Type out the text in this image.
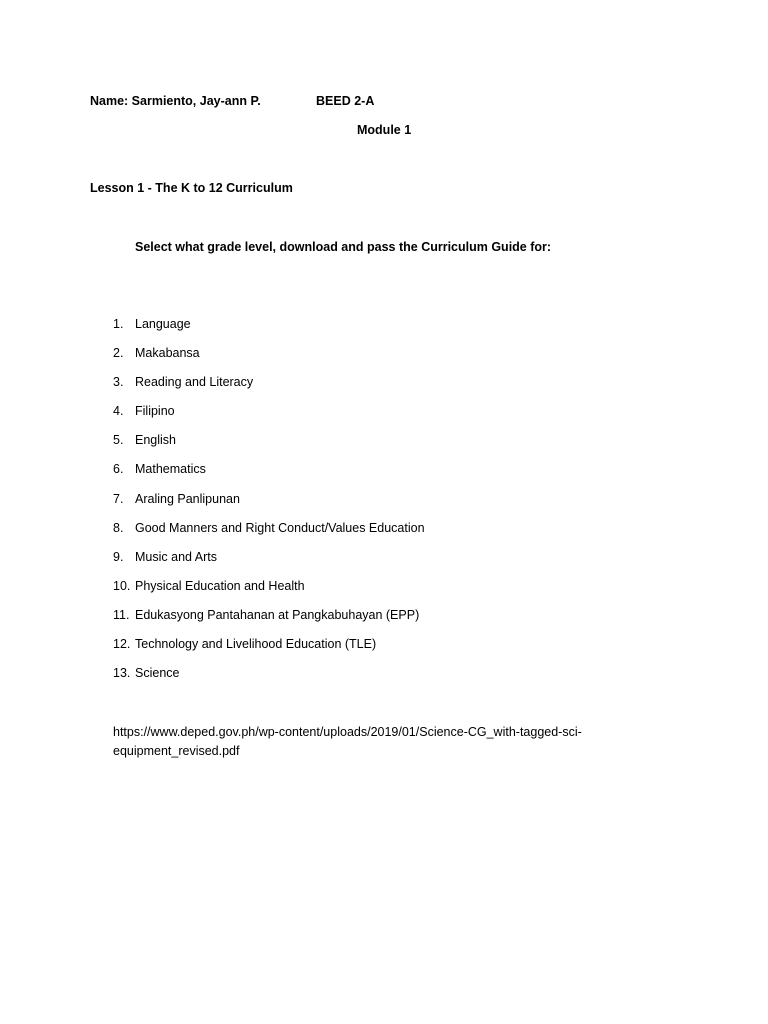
Name: Sarmiento, Jay-ann P.	BEED 2-A
Module 1
Lesson 1 - The K to 12 Curriculum
Select what grade level, download and pass the Curriculum Guide for:
1. Language
2. Makabansa
3. Reading and Literacy
4. Filipino
5. English
6. Mathematics
7. Araling Panlipunan
8. Good Manners and Right Conduct/Values Education
9. Music and Arts
10. Physical Education and Health
11. Edukasyong Pantahanan at Pangkabuhayan (EPP)
12. Technology and Livelihood Education (TLE)
13. Science
https://www.deped.gov.ph/wp-content/uploads/2019/01/Science-CG_with-tagged-sci-
equipment_revised.pdf
